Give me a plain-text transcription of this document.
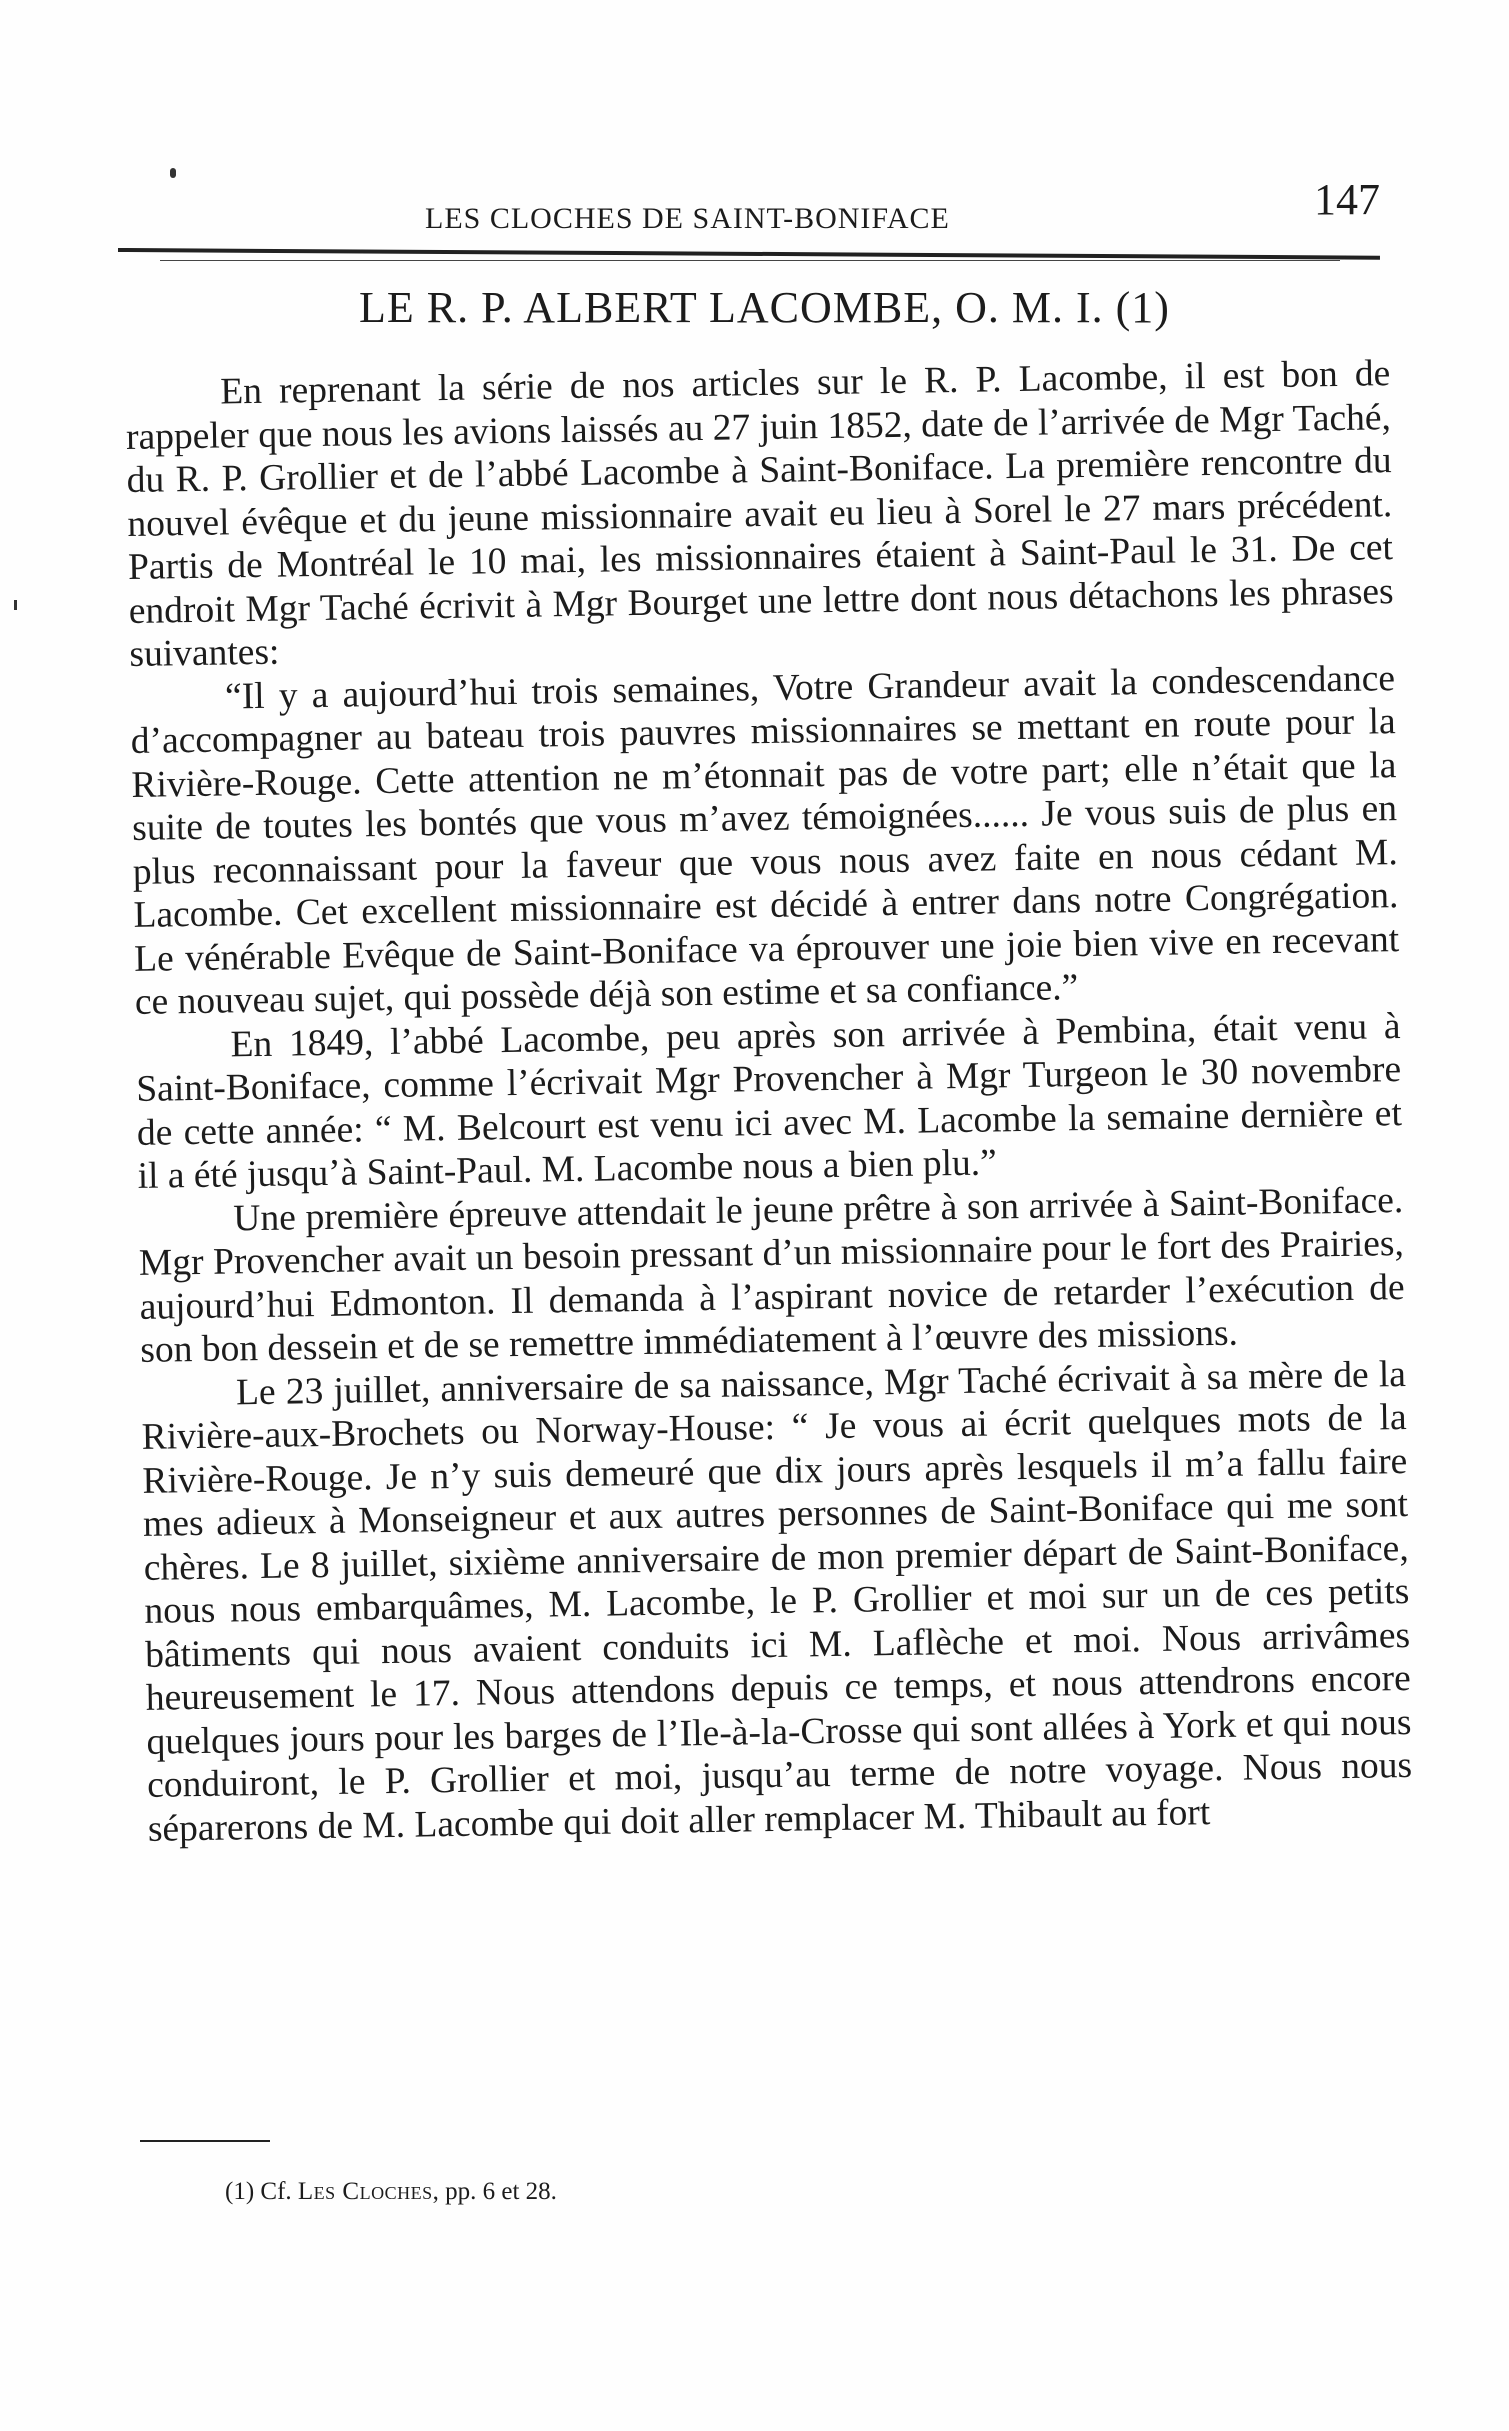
LES CLOCHES DE SAINT-BONIFACE	147
LE R. P. ALBERT LACOMBE, O. M. I. (1)

En reprenant la série de nos articles sur le R. P. Lacombe, il est bon de rappeler que nous les avions laissés au 27 juin 1852, date de l’arrivée de Mgr Taché, du R. P. Grollier et de l’abbé Lacombe à Saint-Boniface. La première rencontre du nouvel évêque et du jeune missionnaire avait eu lieu à Sorel le 27 mars précédent. Partis de Montréal le 10 mai, les missionnaires étaient à Saint-Paul le 31. De cet endroit Mgr Taché écrivit à Mgr Bourget une lettre dont nous détachons les phrases suivantes:

“Il y a aujourd’hui trois semaines, Votre Grandeur avait la condescendance d’accompagner au bateau trois pauvres missionnaires se mettant en route pour la Rivière-Rouge. Cette attention ne m’étonnait pas de votre part; elle n’était que la suite de toutes les bontés que vous m’avez témoignées...... Je vous suis de plus en plus reconnaissant pour la faveur que vous nous avez faite en nous cédant M. Lacombe. Cet excellent missionnaire est décidé à entrer dans notre Congrégation. Le vénérable Evêque de Saint-Boniface va éprouver une joie bien vive en recevant ce nouveau sujet, qui possède déjà son estime et sa confiance.”

En 1849, l’abbé Lacombe, peu après son arrivée à Pembina, était venu à Saint-Boniface, comme l’écrivait Mgr Provencher à Mgr Turgeon le 30 novembre de cette année: “ M. Belcourt est venu ici avec M. Lacombe la semaine dernière et il a été jusqu’à Saint-Paul. M. Lacombe nous a bien plu.”

Une première épreuve attendait le jeune prêtre à son arrivée à Saint-Boniface. Mgr Provencher avait un besoin pressant d’un missionnaire pour le fort des Prairies, aujourd’hui Edmonton. Il demanda à l’aspirant novice de retarder l’exécution de son bon dessein et de se remettre immédiatement à l’œuvre des missions.

Le 23 juillet, anniversaire de sa naissance, Mgr Taché écrivait à sa mère de la Rivière-aux-Brochets ou Norway-House: “ Je vous ai écrit quelques mots de la Rivière-Rouge. Je n’y suis demeuré que dix jours après lesquels il m’a fallu faire mes adieux à Monseigneur et aux autres personnes de Saint-Boniface qui me sont chères. Le 8 juillet, sixième anniversaire de mon premier départ de Saint-Boniface, nous nous embarquâmes, M. Lacombe, le P. Grollier et moi sur un de ces petits bâtiments qui nous avaient conduits ici M. Laflèche et moi. Nous arrivâmes heureusement le 17. Nous attendons depuis ce temps, et nous attendrons encore quelques jours pour les barges de l’Ile-à-la-Crosse qui sont allées à York et qui nous conduiront, le P. Grollier et moi, jusqu’au terme de notre voyage. Nous nous séparerons de M. Lacombe qui doit aller remplacer M. Thibault au fort

(1) Cf. Les Cloches, pp. 6 et 28.
